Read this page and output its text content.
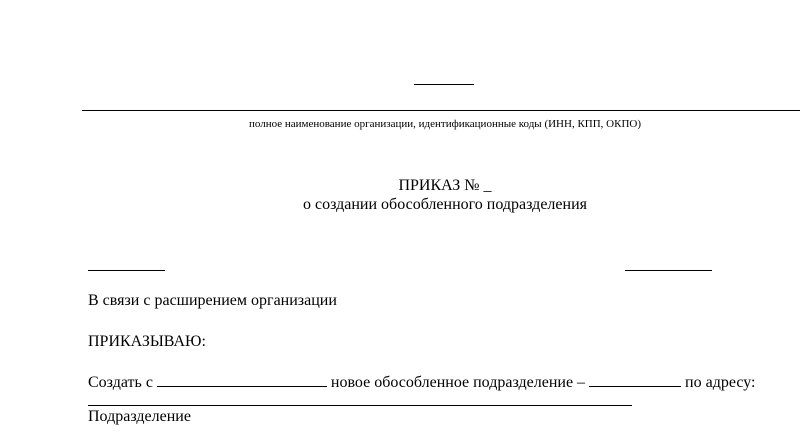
полное наименование организации, идентификационные коды (ИНН, КПП, ОКПО)
ПРИКАЗ № _
о создании обособленного подразделения
В связи с расширением организации
ПРИКАЗЫВАЮ:
Создать с	новое обособленное подразделение –	по адресу:
Подразделение
